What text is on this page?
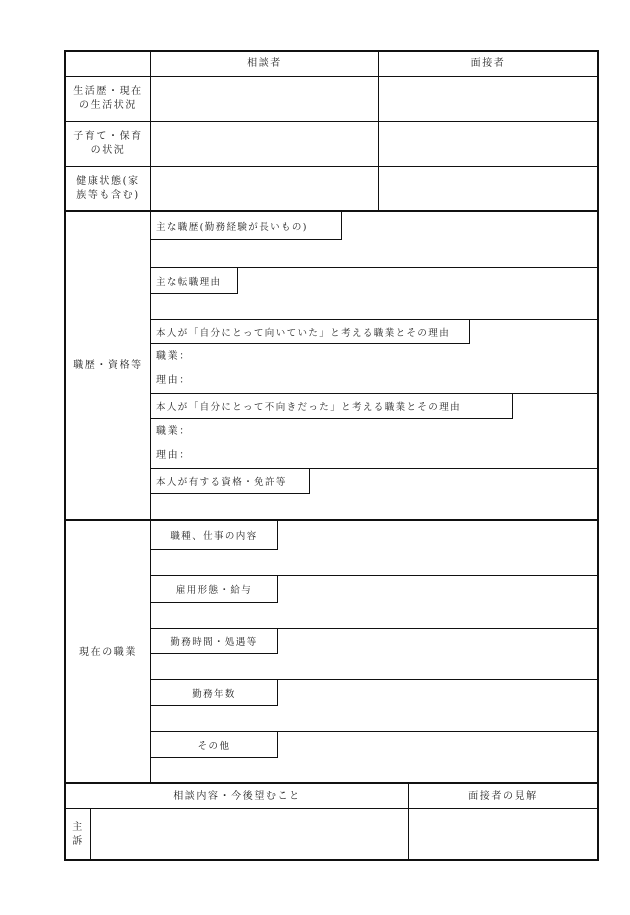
相談者	面接者
生活歴・現在
の生活状況
子育て・保育
の状況
健康状態(家
族等も含む)
職歴・資格等
主な職歴(勤務経験が長いもの)
主な転職理由
本人が「自分にとって向いていた」と考える職業とその理由
職業：
理由：
本人が「自分にとって不向きだった」と考える職業とその理由
職業：
理由：
本人が有する資格・免許等
現在の職業
職種、仕事の内容
雇用形態・給与
勤務時間・処遇等
勤務年数
その他
相談内容・今後望むこと	面接者の見解
主
訴
